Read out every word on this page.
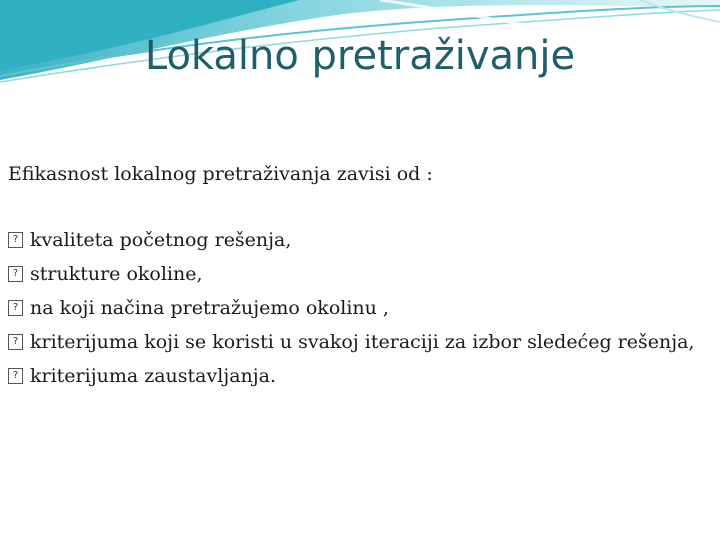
Lokalno pretraživanje

Efikasnost lokalnog pretraživanja zavisi od :

?
kvaliteta početnog rešenja,
?
strukture okoline,
?
na koji načina pretražujemo okolinu ,
?
kriterijuma koji se koristi u svakoj iteraciji za izbor sledećeg rešenja,
?
kriterijuma zaustavljanja.
